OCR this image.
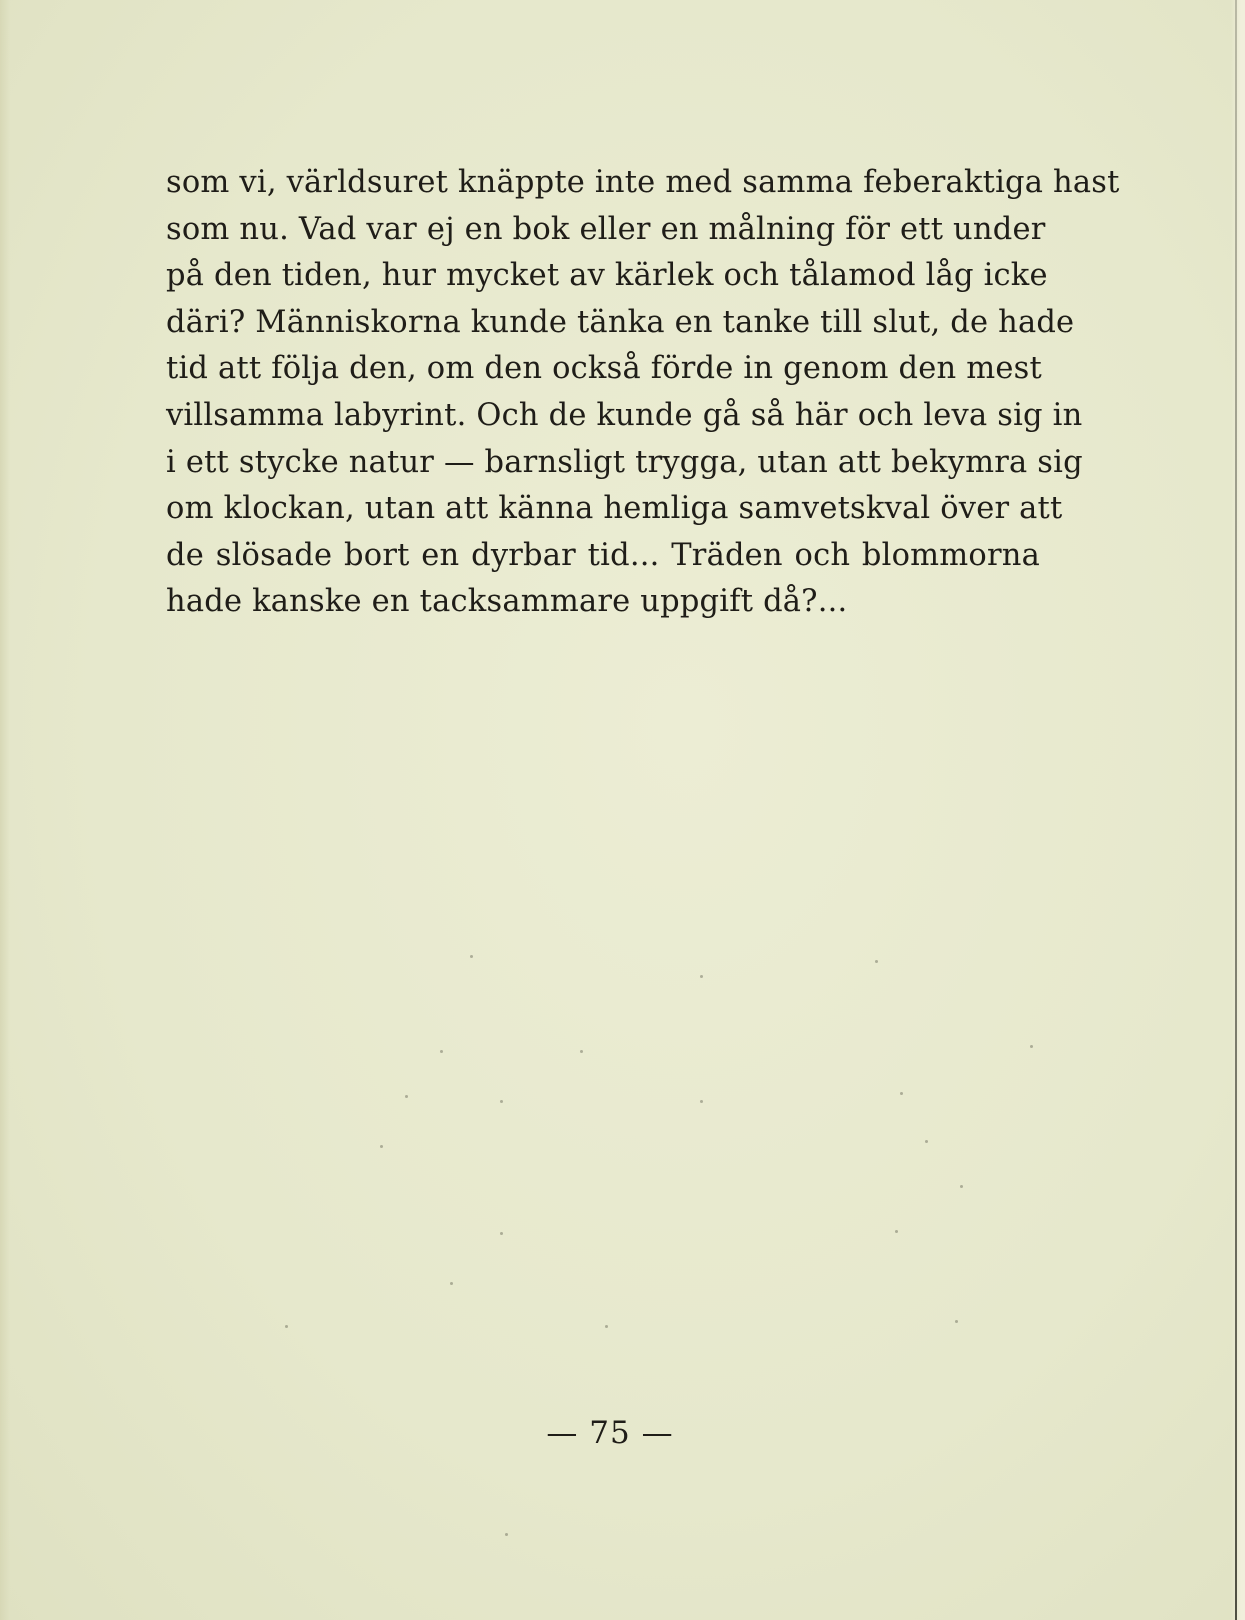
som vi, världsuret knäppte inte med samma feberaktiga hast
som nu. Vad var ej en bok eller en målning för ett under
på den tiden, hur mycket av kärlek och tålamod låg icke
däri? Människorna kunde tänka en tanke till slut, de hade
tid att följa den, om den också förde in genom den mest
villsamma labyrint. Och de kunde gå så här och leva sig in
i ett stycke natur — barnsligt trygga, utan att bekymra sig
om klockan, utan att känna hemliga samvetskval över att
de slösade bort en dyrbar tid... Träden och blommorna
hade kanske en tacksammare uppgift då?...
— 75 —
